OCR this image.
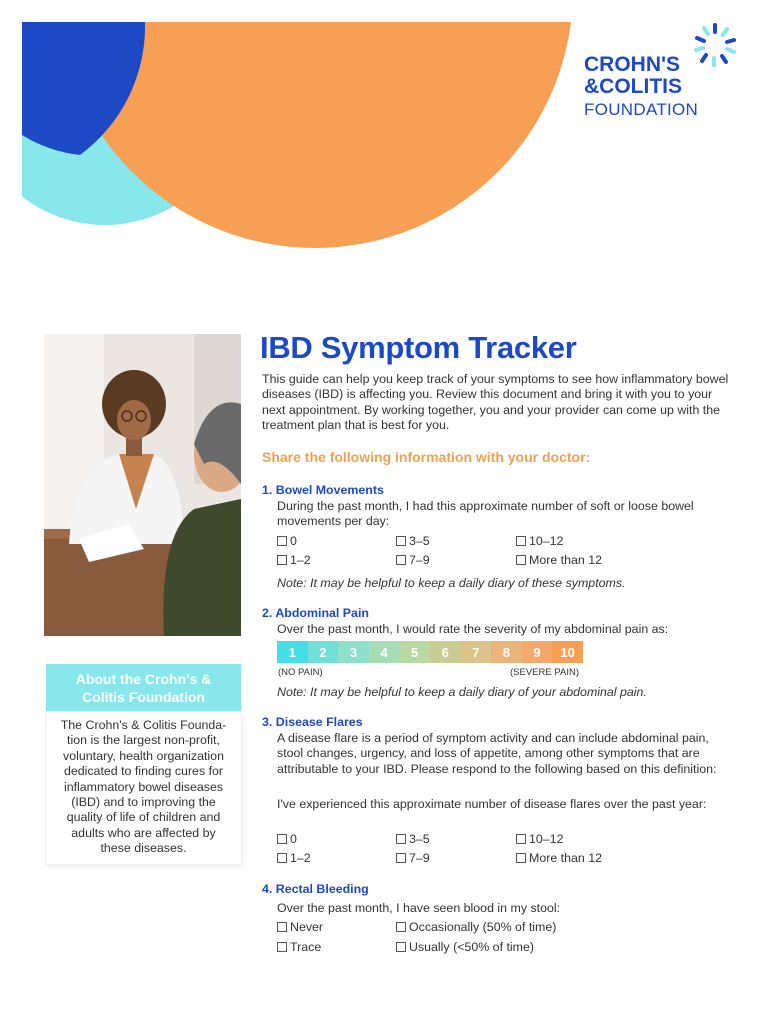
CROHN'S
&COLITIS
FOUNDATION
About the Crohn's & Colitis Foundation
The Crohn's & Colitis Founda-tion is the largest non-profit, voluntary, health organization dedicated to finding cures for inflammatory bowel diseases (IBD) and to improving the quality of life of children and adults who are affected by these diseases.
IBD Symptom Tracker
This guide can help you keep track of your symptoms to see how inflammatory bowel diseases (IBD) is affecting you. Review this document and bring it with you to your next appointment. By working together, you and your provider can come up with the treatment plan that is best for you.
Share the following information with your doctor:
1. Bowel Movements
During the past month, I had this approximate number of soft or loose bowel movements per day:
0	3–5	10–12
1–2	7–9	More than 12
Note: It may be helpful to keep a daily diary of these symptoms.
2. Abdominal Pain
Over the past month, I would rate the severity of my abdominal pain as:
1	2	3	4	5	6	7	8	9	10
(NO PAIN)	(SEVERE PAIN)
Note: It may be helpful to keep a daily diary of your abdominal pain.
3. Disease Flares
A disease flare is a period of symptom activity and can include abdominal pain, stool changes, urgency, and loss of appetite, among other symptoms that are attributable to your IBD. Please respond to the following based on this definition:
I've experienced this approximate number of disease flares over the past year:
0	3–5	10–12
1–2	7–9	More than 12
4. Rectal Bleeding
Over the past month, I have seen blood in my stool:
Never	Occasionally (50% of time)
Trace	Usually (<50% of time)
